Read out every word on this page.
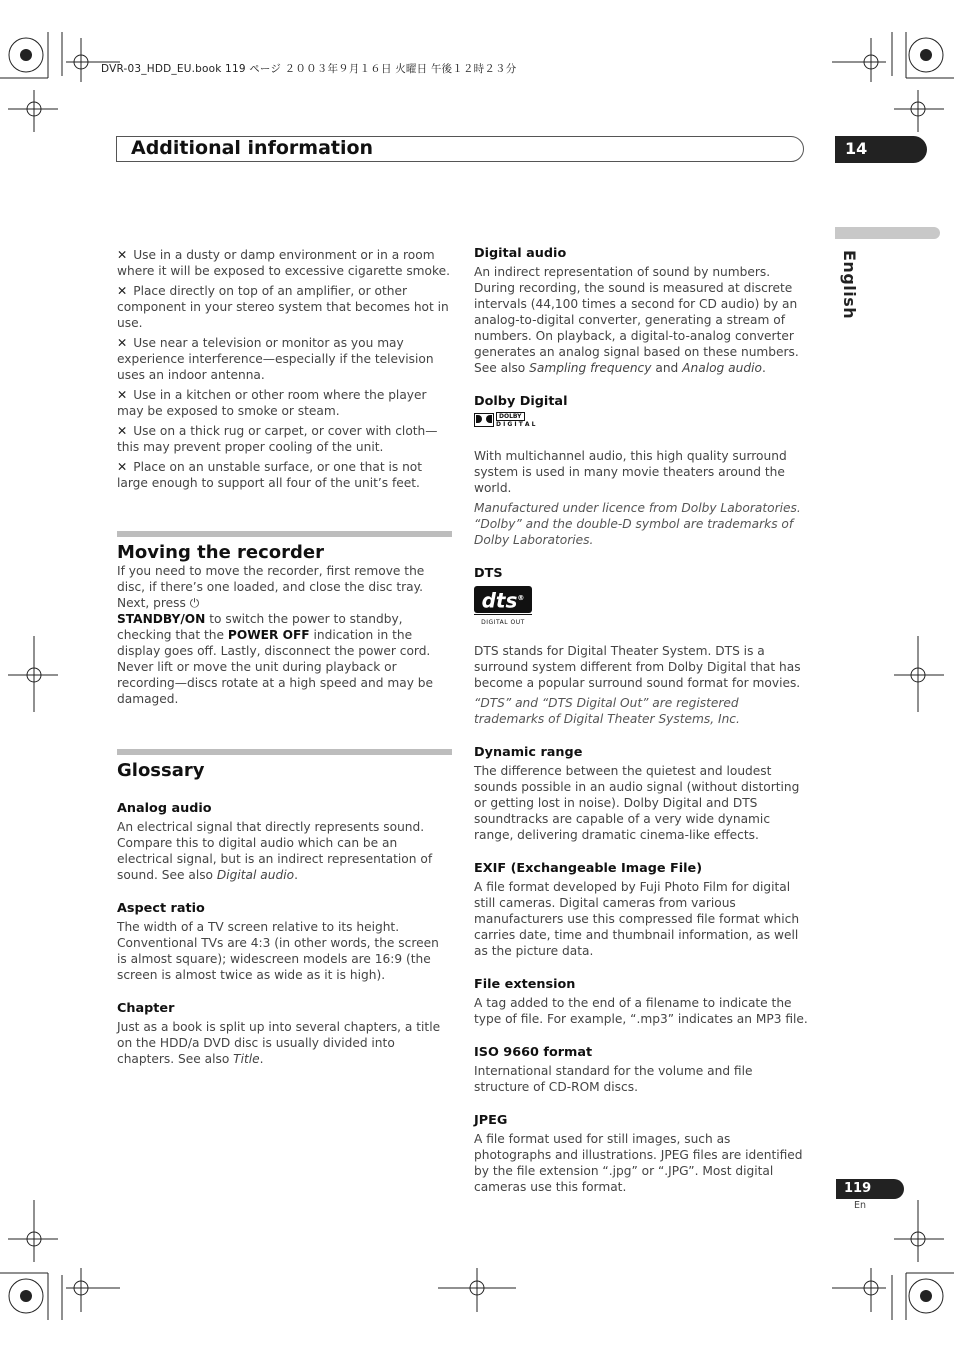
DVR-03_HDD_EU.book 119 ページ ２００３年９月１６日 火曜日 午後１２時２３分
Additional information	14
English

✕ Use in a dusty or damp environment or in a room where it will be exposed to excessive cigarette smoke.

✕ Place directly on top of an amplifier, or other component in your stereo system that becomes hot in use.

✕ Use near a television or monitor as you may experience interference—especially if the television uses an indoor antenna.

✕ Use in a kitchen or other room where the player may be exposed to smoke or steam.

✕ Use on a thick rug or carpet, or cover with cloth—this may prevent proper cooling of the unit.

✕ Place on an unstable surface, or one that is not large enough to support all four of the unit’s feet.

Moving the recorder

If you need to move the recorder, first remove the disc, if there’s one loaded, and close the disc tray. Next, press ⏻
STANDBY/ON to switch the power to standby, checking that the POWER OFF indication in the display goes off. Lastly, disconnect the power cord. Never lift or move the unit during playback or recording—discs rotate at a high speed and may be damaged.

Glossary
Analog audio

An electrical signal that directly represents sound. Compare this to digital audio which can be an electrical signal, but is an indirect representation of sound. See also Digital audio.

Aspect ratio

The width of a TV screen relative to its height. Conventional TVs are 4:3 (in other words, the screen is almost square); widescreen models are 16:9 (the screen is almost twice as wide as it is high).

Chapter

Just as a book is split up into several chapters, a title on the HDD/a DVD disc is usually divided into chapters. See also Title.

Digital audio

An indirect representation of sound by numbers. During recording, the sound is measured at discrete intervals (44,100 times a second for CD audio) by an analog-to-digital converter, generating a stream of numbers. On playback, a digital-to-analog converter generates an analog signal based on these numbers. See also Sampling frequency and Analog audio.

Dolby Digital
DOLBY
D I G I T A L

With multichannel audio, this high quality surround system is used in many movie theaters around the world.

Manufactured under licence from Dolby Laboratories. “Dolby” and the double-D symbol are trademarks of Dolby Laboratories.

DTS
dts®
DIGITAL OUT

DTS stands for Digital Theater System. DTS is a surround system different from Dolby Digital that has become a popular surround sound format for movies.

“DTS” and “DTS Digital Out” are registered trademarks of Digital Theater Systems, Inc.

Dynamic range

The difference between the quietest and loudest sounds possible in an audio signal (without distorting or getting lost in noise). Dolby Digital and DTS soundtracks are capable of a very wide dynamic range, delivering dramatic cinema-like effects.

EXIF (Exchangeable Image File)

A file format developed by Fuji Photo Film for digital still cameras. Digital cameras from various manufacturers use this compressed file format which carries date, time and thumbnail information, as well as the picture data.

File extension

A tag added to the end of a filename to indicate the type of file. For example, “.mp3” indicates an MP3 file.

ISO 9660 format

International standard for the volume and file structure of CD-ROM discs.

JPEG

A file format used for still images, such as photographs and illustrations. JPEG files are identified by the file extension “.jpg” or “.JPG”. Most digital cameras use this format.	119
En
